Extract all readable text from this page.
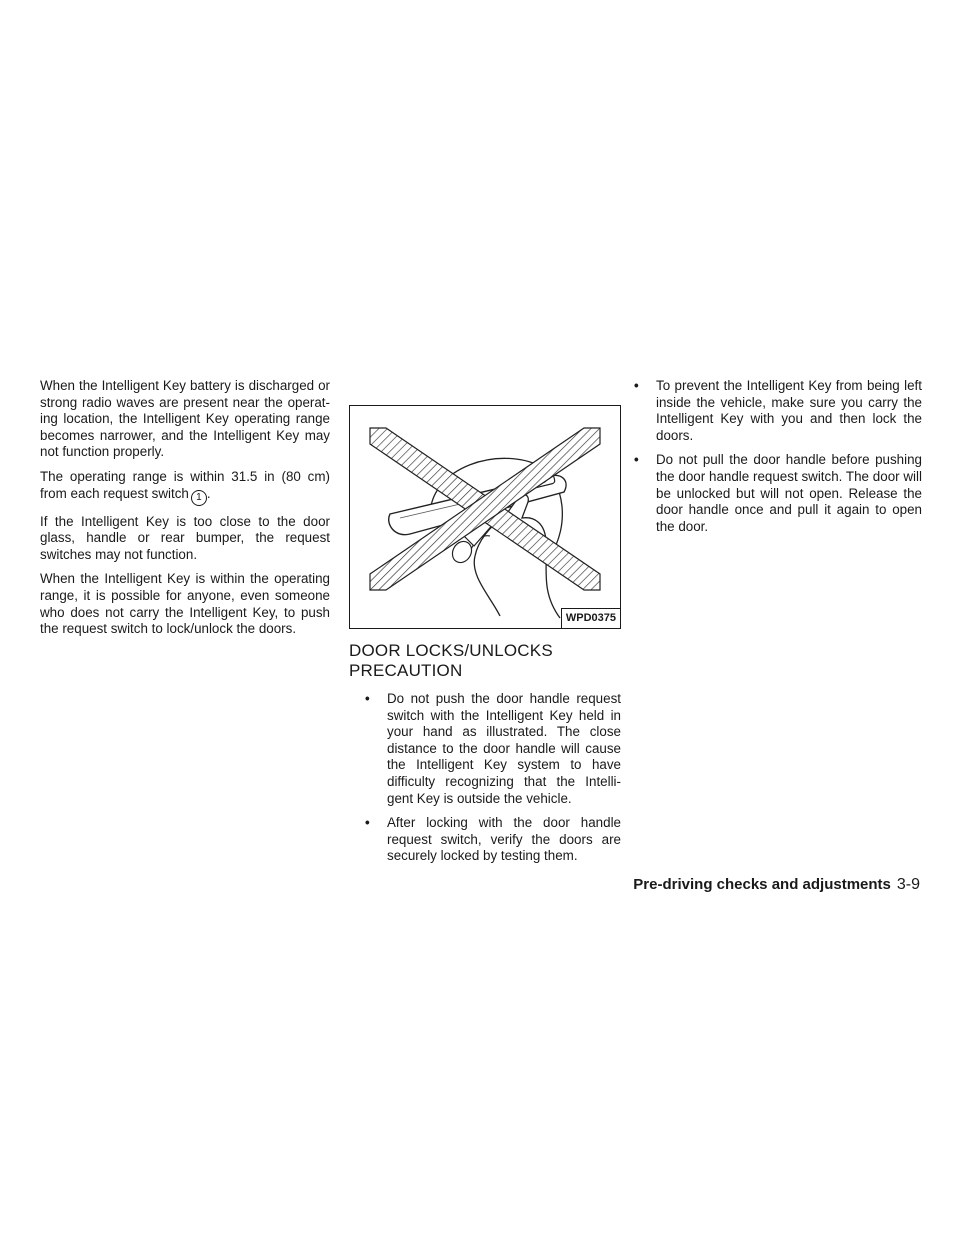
When the Intelligent Key battery is discharged or strong radio waves are present near the operat-ing location, the Intelligent Key operating range becomes narrower, and the Intelligent Key may not function properly.

The operating range is within 31.5 in (80 cm) from each request switch 1 .

If the Intelligent Key is too close to the door glass, handle or rear bumper, the request switches may not function.

When the Intelligent Key is within the operating range, it is possible for anyone, even someone who does not carry the Intelligent Key, to push the request switch to lock/unlock the doors.

WPD0375
DOOR LOCKS/UNLOCKS PRECAUTION
• Do not push the door handle request switch with the Intelligent Key held in your hand as illustrated. The close distance to the door handle will cause the Intelligent Key system to have difficulty recognizing that the Intelli-gent Key is outside the vehicle.
• After locking with the door handle request switch, verify the doors are securely locked by testing them.
• To prevent the Intelligent Key from being left inside the vehicle, make sure you carry the Intelligent Key with you and then lock the doors.
• Do not pull the door handle before pushing the door handle request switch. The door will be unlocked but will not open. Release the door handle once and pull it again to open the door.
Pre-driving checks and adjustments 3-9
